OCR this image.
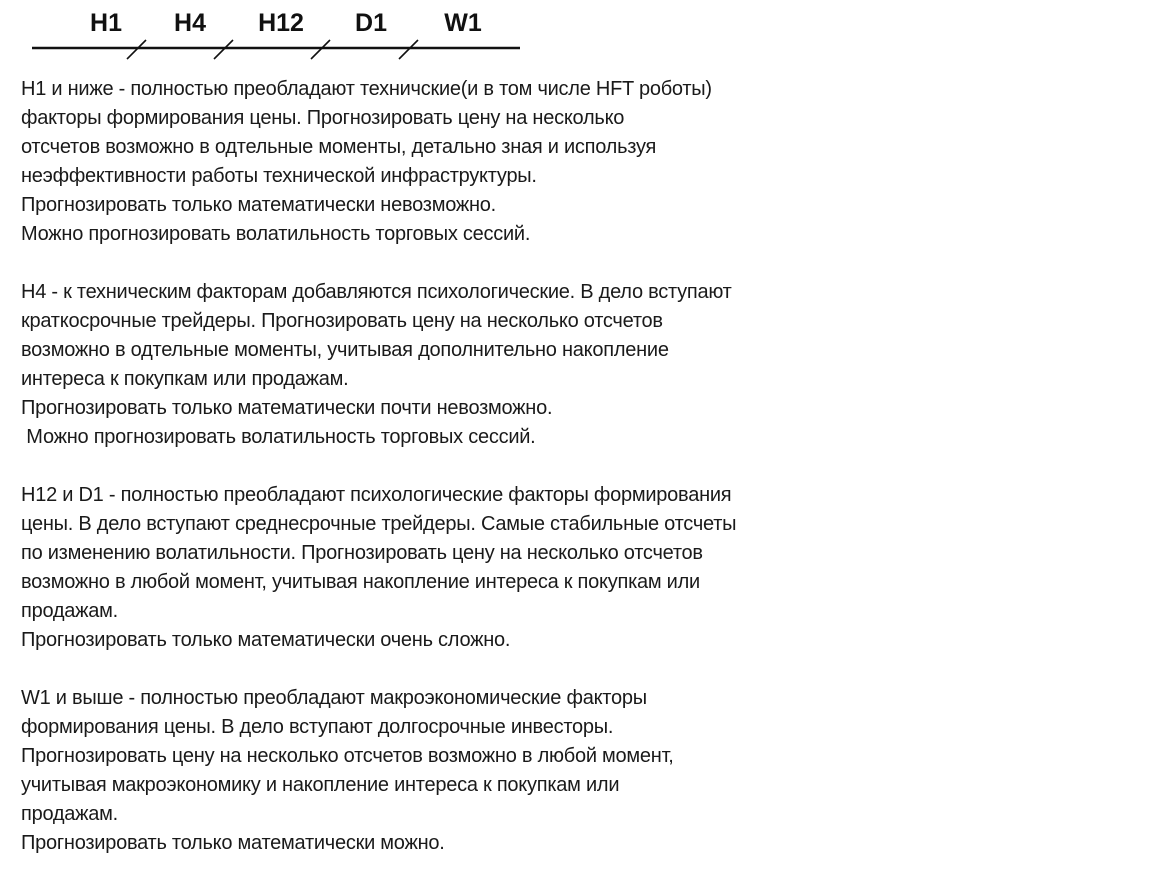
H1 H4 H12 D1 W1
H1 и ниже - полностью преобладают техничские(и в том числе HFT роботы)
факторы формирования цены. Прогнозировать цену на несколько
отсчетов возможно в одтельные моменты, детально зная и используя
неэффективности работы технической инфраструктуры.
Прогнозировать только математически невозможно.
Можно прогнозировать волатильность торговых сессий.
H4 - к техническим факторам добавляются психологические. В дело вступают
краткосрочные трейдеры. Прогнозировать цену на несколько отсчетов
возможно в одтельные моменты, учитывая дополнительно накопление
интереса к покупкам или продажам.
Прогнозировать только математически почти невозможно.
Можно прогнозировать волатильность торговых сессий.
H12 и D1 - полностью преобладают психологические факторы формирования
цены. В дело вступают среднесрочные трейдеры. Самые стабильные отсчеты
по изменению волатильности. Прогнозировать цену на несколько отсчетов
возможно в любой момент, учитывая накопление интереса к покупкам или
продажам.
Прогнозировать только математически очень сложно.
W1 и выше - полностью преобладают макроэкономические факторы
формирования цены. В дело вступают долгосрочные инвесторы.
Прогнозировать цену на несколько отсчетов возможно в любой момент,
учитывая макроэкономику и накопление интереса к покупкам или
продажам.
Прогнозировать только математически можно.
